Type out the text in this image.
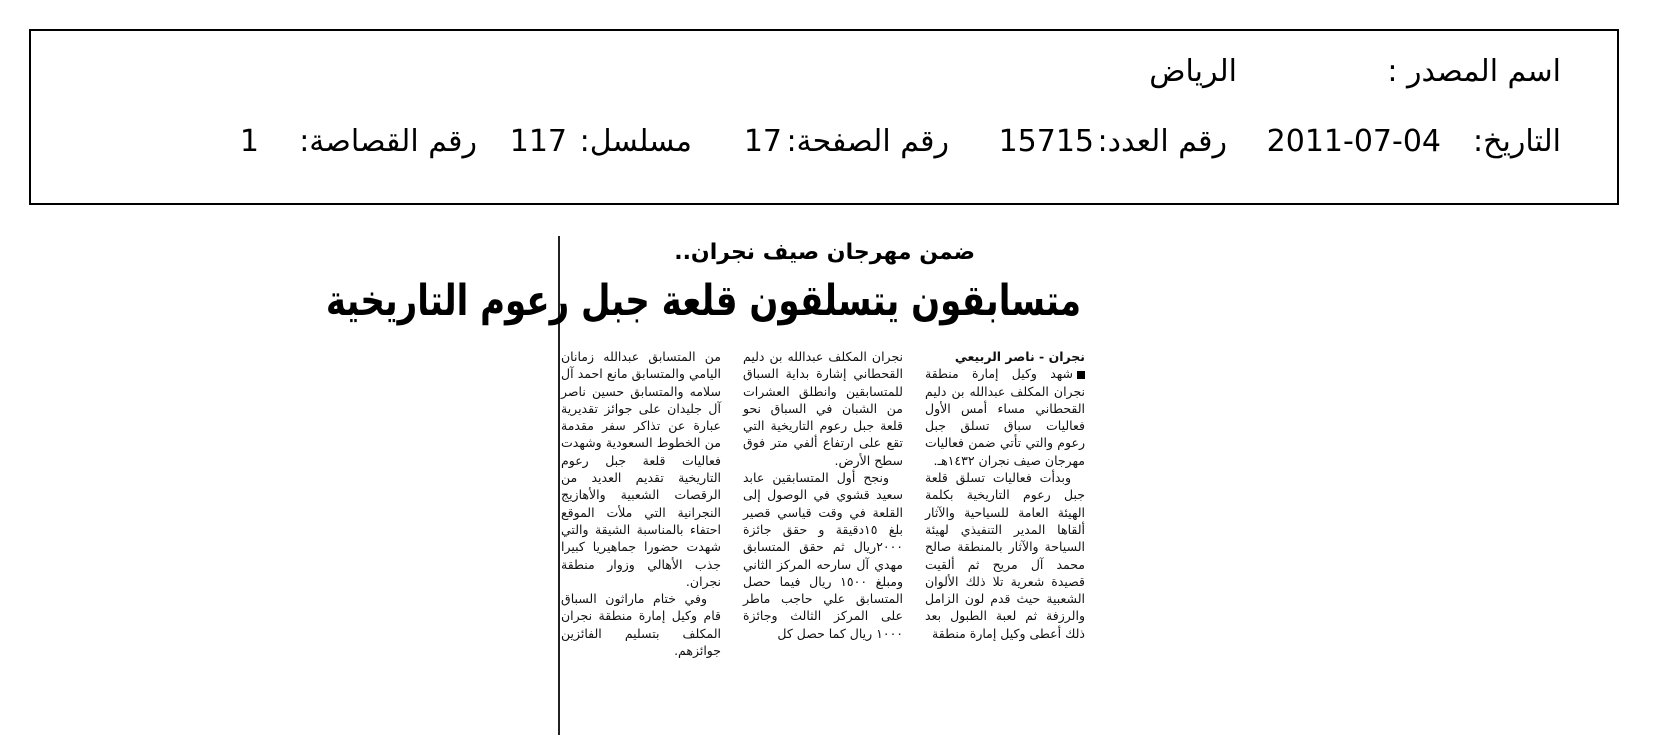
اسم المصدر :
الرياض
التاريخ:
2011-07-04
رقم العدد:
15715
رقم الصفحة:
17
مسلسل:
117
رقم القصاصة:
1
ضمن مهرجان صيف نجران..
متسابقون يتسلقون قلعة جبل رعوم التاريخية
نجران - ناصر الربيعي

شهد وكيل إمارة منطقة نجران المكلف عبدالله بن دليم القحطاني مساء أمس الأول فعاليات سباق تسلق جبل رعوم والتي تأتي ضمن فعاليات مهرجان صيف نجران ١٤٣٢هـ.

وبدأت فعاليات تسلق قلعة جبل رعوم التاريخية بكلمة الهيئة العامة للسياحية والآثار ألقاها المدير التنفيذي لهيئة السياحة والآثار بالمنطقة صالح محمد آل مريح ثم ألقيت قصيدة شعرية تلا ذلك الألوان الشعبية حيث قدم لون الزامل والرزفة ثم لعبة الطبول بعد ذلك أعطى وكيل إمارة منطقة

نجران المكلف عبدالله بن دليم القحطاني إشارة بداية السباق للمتسابقين وانطلق العشرات من الشبان في السباق نحو قلعة جبل رعوم التاريخية التي تقع على ارتفاع ألفي متر فوق سطح الأرض.

ونجح أول المتسابقين عابد سعيد قشوي في الوصول إلى القلعة في وقت قياسي قصير بلغ ١٥دقيقة و حقق جائزة ٢٠٠٠ريال ثم حقق المتسابق مهدي آل سارحه المركز الثاني ومبلغ ١٥٠٠ ريال فيما حصل المتسابق علي حاجب ماطر على المركز الثالث وجائزة ١٠٠٠ ريال كما حصل كل

من المتسابق عبدالله زمانان اليامي والمتسابق مانع احمد آل سلامه والمتسابق حسين ناصر آل جليدان على جوائز تقديرية عبارة عن تذاكر سفر مقدمة من الخطوط السعودية وشهدت فعاليات قلعة جبل رعوم التاريخية تقديم العديد من الرقصات الشعبية والأهازيج النجرانية التي ملأت الموقع احتفاء بالمناسبة الشيقة والتي شهدت حضورا جماهيريا كبيرا جذب الأهالي وزوار منطقة نجران.

وفي ختام ماراثون السباق قام وكيل إمارة منطقة نجران المكلف بتسليم الفائزين جوائزهم.
